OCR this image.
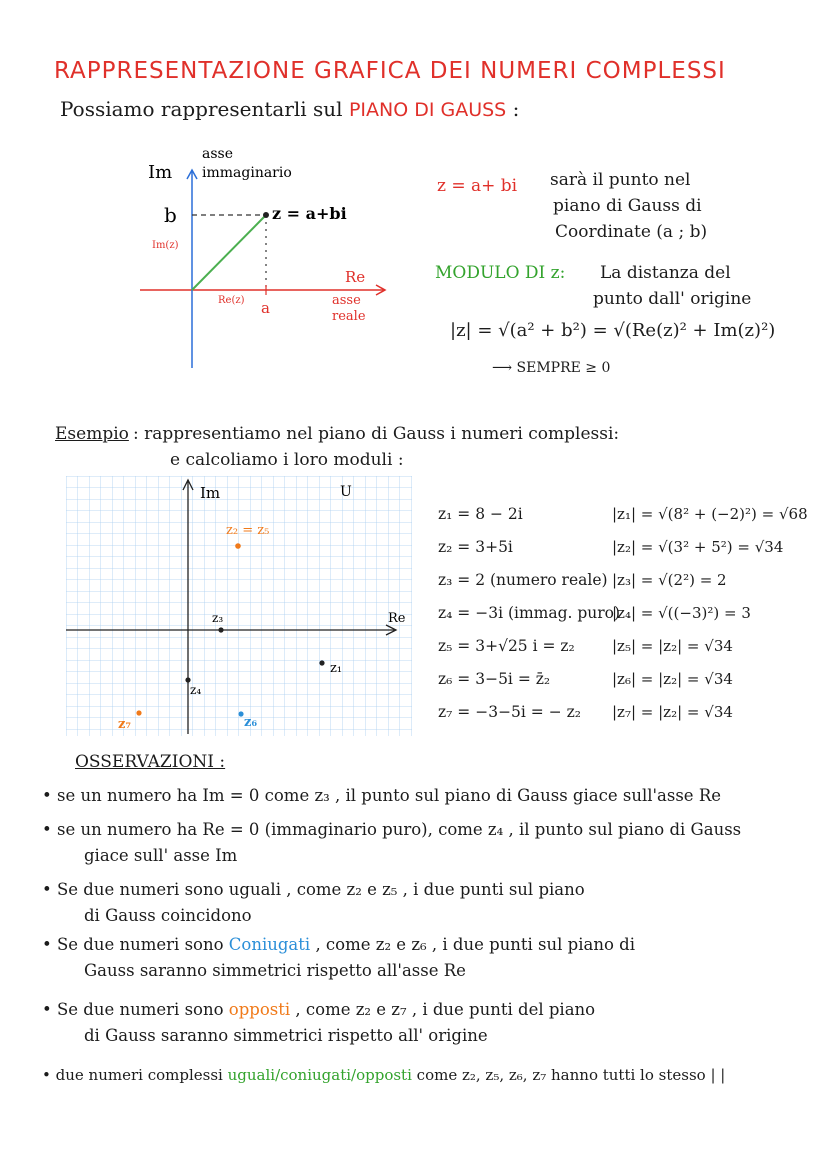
RAPPRESENTAZIONE GRAFICA DEI NUMERI COMPLESSI
Possiamo rappresentarli sul PIANO DI GAUSS :
Im
asse
immaginario
b
Im(z)
z = a+bi
Re
asse
reale
Re(z) a
z = a+ bi sarà il punto nel
piano di Gauss di
Coordinate (a ; b)
MODULO DI z: La distanza del
punto dall' origine
|z| = √(a² + b²) = √(Re(z)² + Im(z)²)
⟶ SEMPRE ≥ 0
Esempio : rappresentiamo nel piano di Gauss i numeri complessi:
e calcoliamo i loro moduli :
Im
Re
U
z₂ = z₅
z₃
z₁
z₄
z₆
z₇
z₁ = 8 − 2i
z₂ = 3+5i
z₃ = 2 (numero reale)
z₄ = −3i (immag. puro)
z₅ = 3+√25 i = z₂
z₆ = 3−5i = z̄₂
z₇ = −3−5i = − z₂
|z₁| = √(8² + (−2)²) = √68
|z₂| = √(3² + 5²) = √34
|z₃| = √(2²) = 2
|z₄| = √((−3)²) = 3
|z₅| = |z₂| = √34
|z₆| = |z₂| = √34
|z₇| = |z₂| = √34
OSSERVAZIONI :
• se un numero ha Im = 0 come z₃ , il punto sul piano di Gauss giace sull'asse Re
• se un numero ha Re = 0 (immaginario puro), come z₄ , il punto sul piano di Gauss
giace sull' asse Im
• Se due numeri sono uguali , come z₂ e z₅ , i due punti sul piano
di Gauss coincidono
• Se due numeri sono Coniugati , come z₂ e z₆ , i due punti sul piano di
Gauss saranno simmetrici rispetto all'asse Re
• Se due numeri sono opposti , come z₂ e z₇ , i due punti del piano
di Gauss saranno simmetrici rispetto all' origine
• due numeri complessi uguali/coniugati/opposti come z₂, z₅, z₆, z₇ hanno tutti lo stesso | |
